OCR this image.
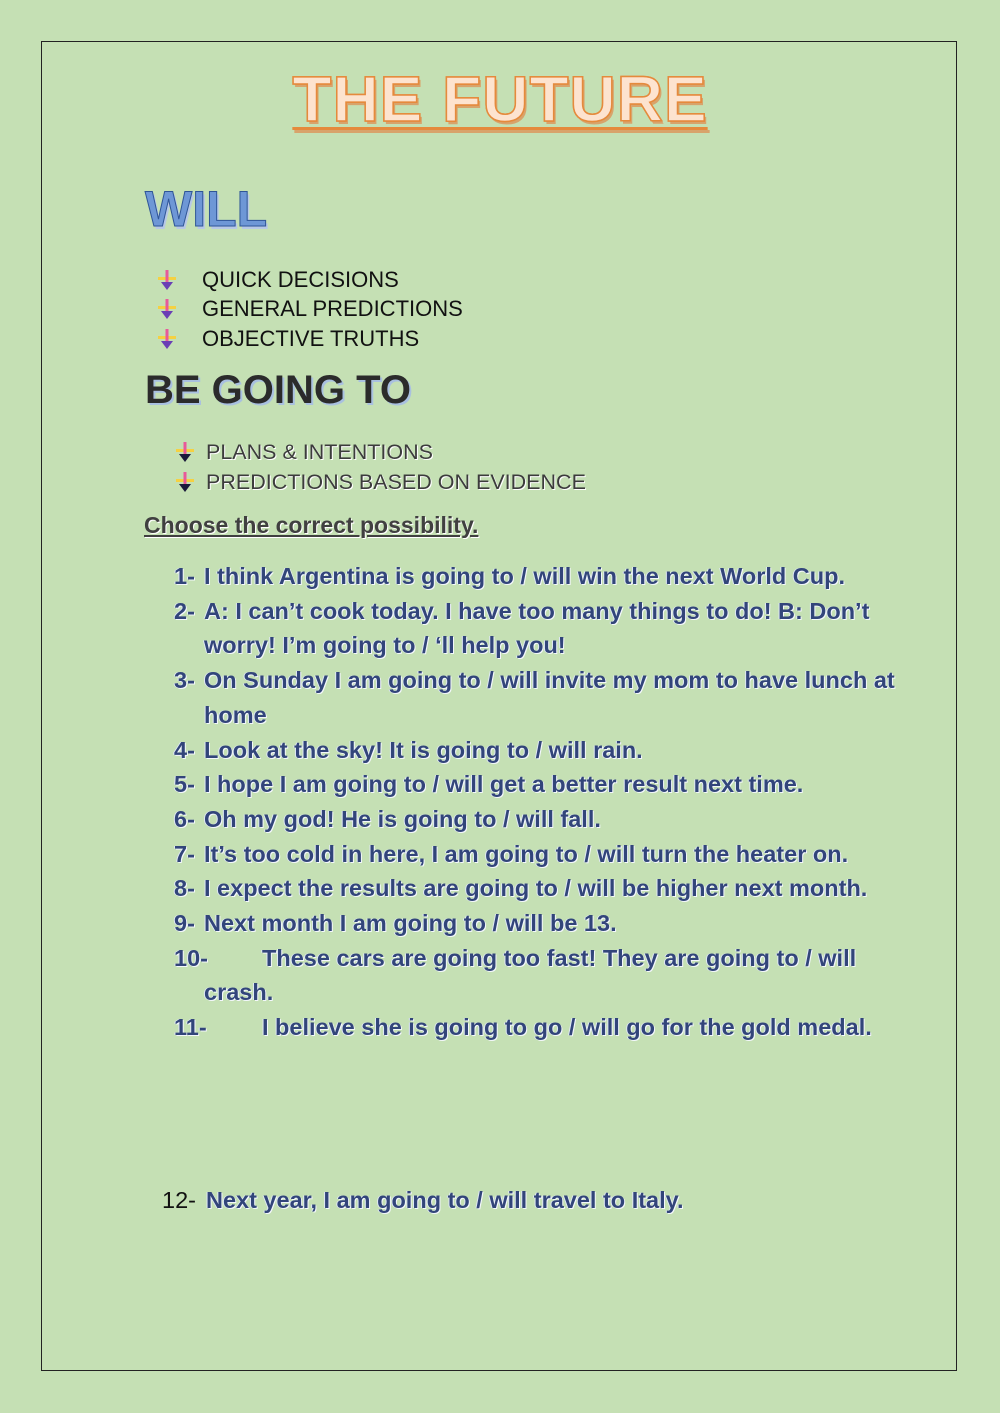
THE FUTURE
WILL
QUICK DECISIONS
GENERAL PREDICTIONS
OBJECTIVE TRUTHS
BE GOING TO
PLANS & INTENTIONS
PREDICTIONS BASED ON EVIDENCE
Choose the correct possibility.
1- I think Argentina is going to / will win the next World Cup.
2- A: I can’t cook today. I have too many things to do! B: Don’t worry! I’m going to / ‘ll help you!
3- On Sunday I am going to / will invite my mom to have lunch at home
4- Look at the sky! It is going to / will rain.
5- I hope I am going to / will get a better result next time.
6- Oh my god! He is going to / will fall.
7- It’s too cold in here, I am going to / will turn the heater on.
8- I expect the results are going to / will be higher next month.
9- Next month I am going to / will be 13.
10- These cars are going too fast! They are going to / will crash.
11- I believe she is going to go / will go for the gold medal.
12- Next year, I am going to / will travel to Italy.
